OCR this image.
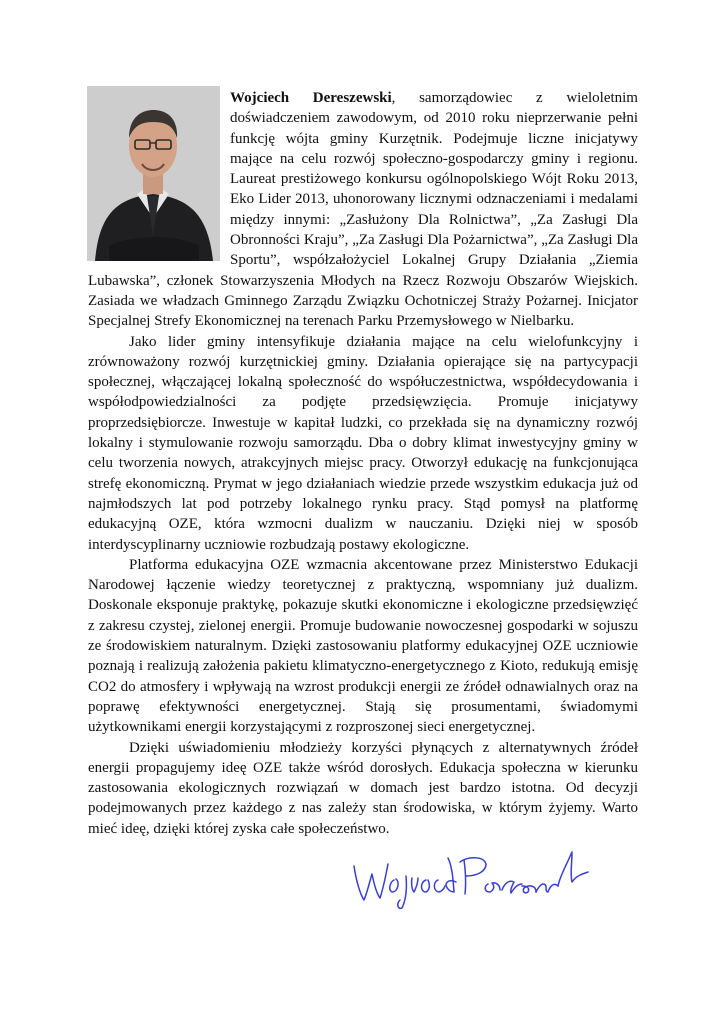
Wojciech Dereszewski, samorządowiec z wieloletnim doświadczeniem zawodowym, od 2010 roku nieprzerwanie pełni funkcję wójta gminy Kurzętnik. Podejmuje liczne inicjatywy mające na celu rozwój społeczno-gospodarczy gminy i regionu. Laureat prestiżowego konkursu ogólnopolskiego Wójt Roku 2013, Eko Lider 2013, uhonorowany licznymi odznaczeniami i medalami między innymi: „Zasłużony Dla Rolnictwa”, „Za Zasługi Dla Obronności Kraju”, „Za Zasługi Dla Pożarnictwa”, „Za Zasługi Dla Sportu”, współzałożyciel Lokalnej Grupy Działania „Ziemia Lubawska”, członek Stowarzyszenia Młodych na Rzecz Rozwoju Obszarów Wiejskich. Zasiada we władzach Gminnego Zarządu Związku Ochotniczej Straży Pożarnej. Inicjator Specjalnej Strefy Ekonomicznej na terenach Parku Przemysłowego w Nielbarku.

Jako lider gminy intensyfikuje działania mające na celu wielofunkcyjny i zrównoważony rozwój kurzętnickiej gminy. Działania opierające się na partycypacji społecznej, włączającej lokalną społeczność do współuczestnictwa, współdecydowania i współodpowiedzialności za podjęte przedsięwzięcia. Promuje inicjatywy proprzedsiębiorcze. Inwestuje w kapitał ludzki, co przekłada się na dynamiczny rozwój lokalny i stymulowanie rozwoju samorządu. Dba o dobry klimat inwestycyjny gminy w celu tworzenia nowych, atrakcyjnych miejsc pracy. Otworzył edukację na funkcjonująca strefę ekonomiczną. Prymat w jego działaniach wiedzie przede wszystkim edukacja już od najmłodszych lat pod potrzeby lokalnego rynku pracy. Stąd pomysł na platformę edukacyjną OZE, która wzmocni dualizm w nauczaniu. Dzięki niej w sposób interdyscyplinarny uczniowie rozbudzają postawy ekologiczne.

Platforma edukacyjna OZE wzmacnia akcentowane przez Ministerstwo Edukacji Narodowej łączenie wiedzy teoretycznej z praktyczną, wspomniany już dualizm. Doskonale eksponuje praktykę, pokazuje skutki ekonomiczne i ekologiczne przedsięwzięć z zakresu czystej, zielonej energii. Promuje budowanie nowoczesnej gospodarki w sojuszu ze środowiskiem naturalnym. Dzięki zastosowaniu platformy edukacyjnej OZE uczniowie poznają i realizują założenia pakietu klimatyczno-energetycznego z Kioto, redukują emisję CO2 do atmosfery i wpływają na wzrost produkcji energii ze źródeł odnawialnych oraz na poprawę efektywności energetycznej. Stają się prosumentami, świadomymi użytkownikami energii korzystającymi z rozproszonej sieci energetycznej.

Dzięki uświadomieniu młodzieży korzyści płynących z alternatywnych źródeł energii propagujemy ideę OZE także wśród dorosłych. Edukacja społeczna w kierunku zastosowania ekologicznych rozwiązań w domach jest bardzo istotna. Od decyzji podejmowanych przez każdego z nas zależy stan środowiska, w którym żyjemy. Warto mieć ideę, dzięki której zyska całe społeczeństwo.
